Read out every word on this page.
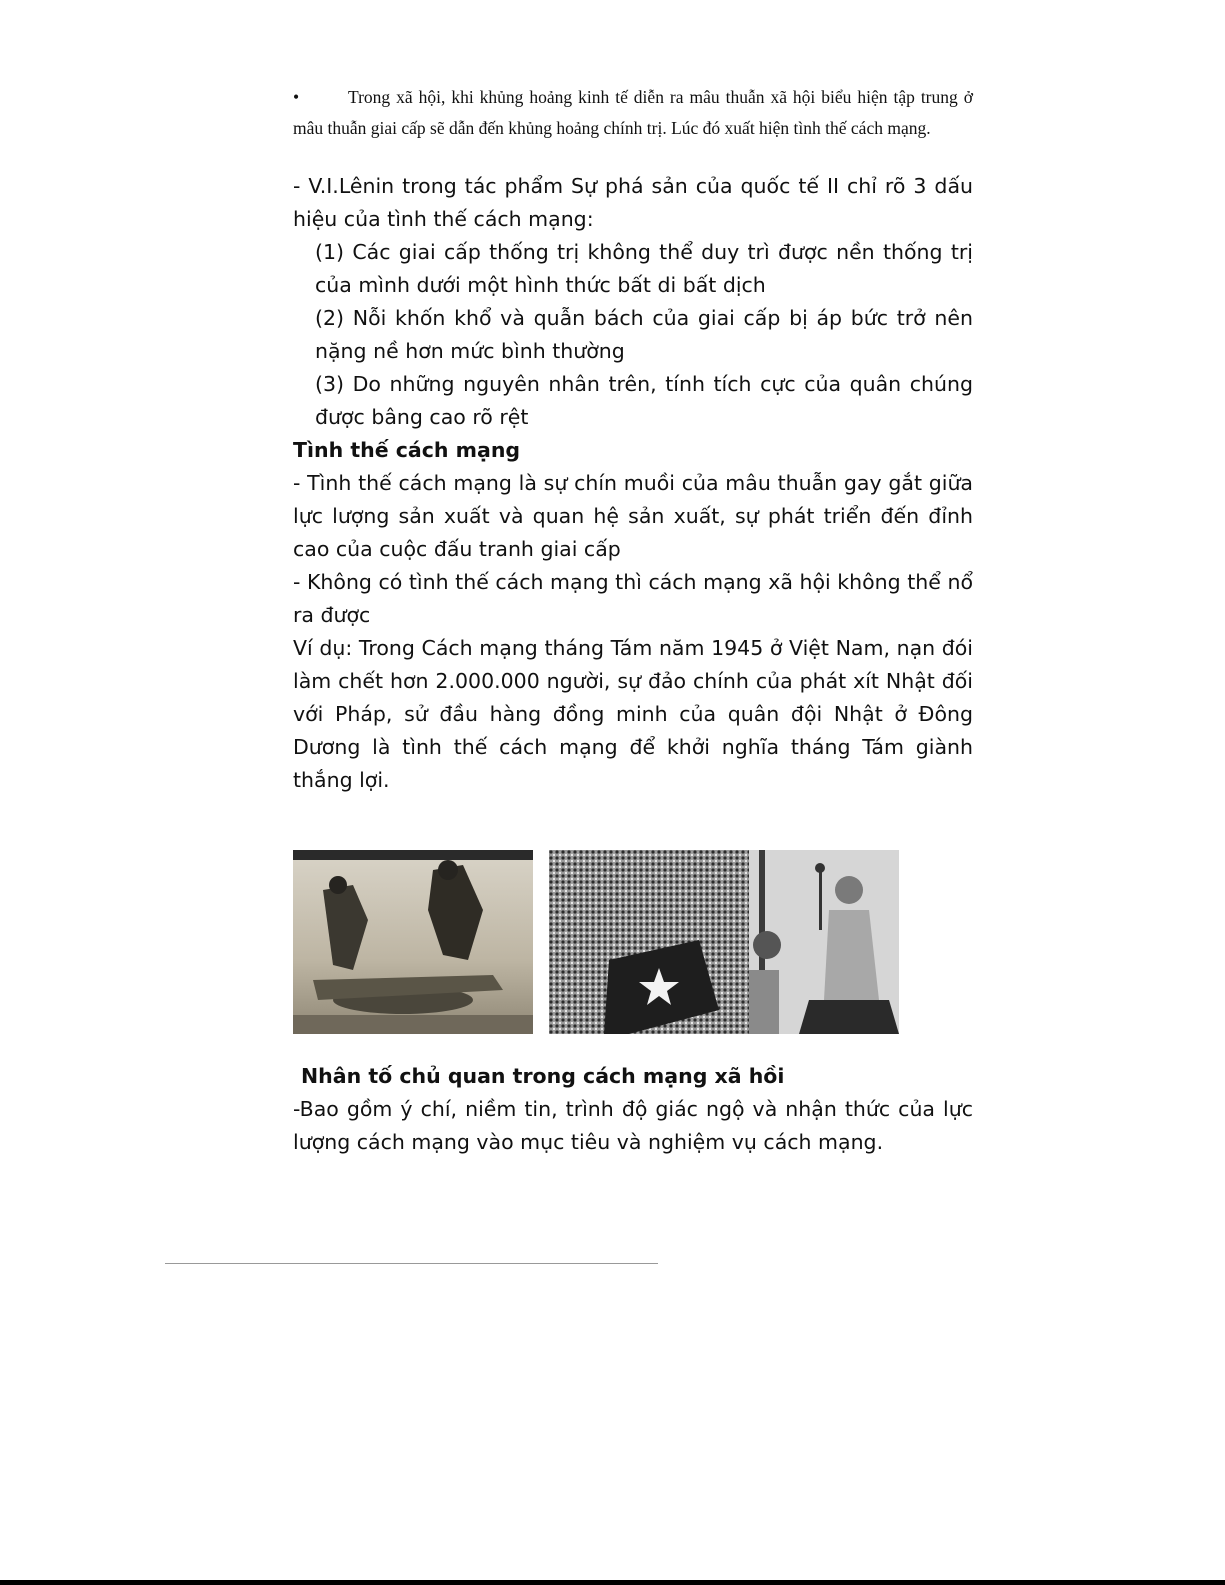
•	Trong xã hội, khi khủng hoảng kinh tế diễn ra mâu thuẫn xã hội biểu hiện tập trung ở mâu thuẫn giai cấp sẽ dẫn đến khủng hoảng chính trị. Lúc đó xuất hiện tình thế cách mạng.

- V.I.Lênin trong tác phẩm Sự phá sản của quốc tế II chỉ rõ 3 dấu hiệu của tình thế cách mạng:

(1) Các giai cấp thống trị không thể duy trì được nền thống trị của mình dưới một hình thức bất di bất dịch

(2) Nỗi khốn khổ và quẫn bách của giai cấp bị áp bức trở nên nặng nề hơn mức bình thường

(3) Do những nguyên nhân trên, tính tích cực của quân chúng được bâng cao rõ rệt

Tình thế cách mạng

- Tình thế cách mạng là sự chín muồi của mâu thuẫn gay gắt giữa lực lượng sản xuất và quan hệ sản xuất, sự phát triển đến đỉnh cao của cuộc đấu tranh giai cấp

- Không có tình thế cách mạng thì cách mạng xã hội không thể nổ ra được

Ví dụ: Trong Cách mạng tháng Tám năm 1945 ở Việt Nam, nạn đói làm chết hơn 2.000.000 người, sự đảo chính của phát xít Nhật đối với Pháp, sử đầu hàng đồng minh của quân đội Nhật ở Đông Dương là tình thế cách mạng để khởi nghĩa tháng Tám giành thắng lợi.

Nhân tố chủ quan trong cách mạng xã hồi

-Bao gồm ý chí, niềm tin, trình độ giác ngộ và nhận thức của lực lượng cách mạng vào mục tiêu và nghiệm vụ cách mạng.
